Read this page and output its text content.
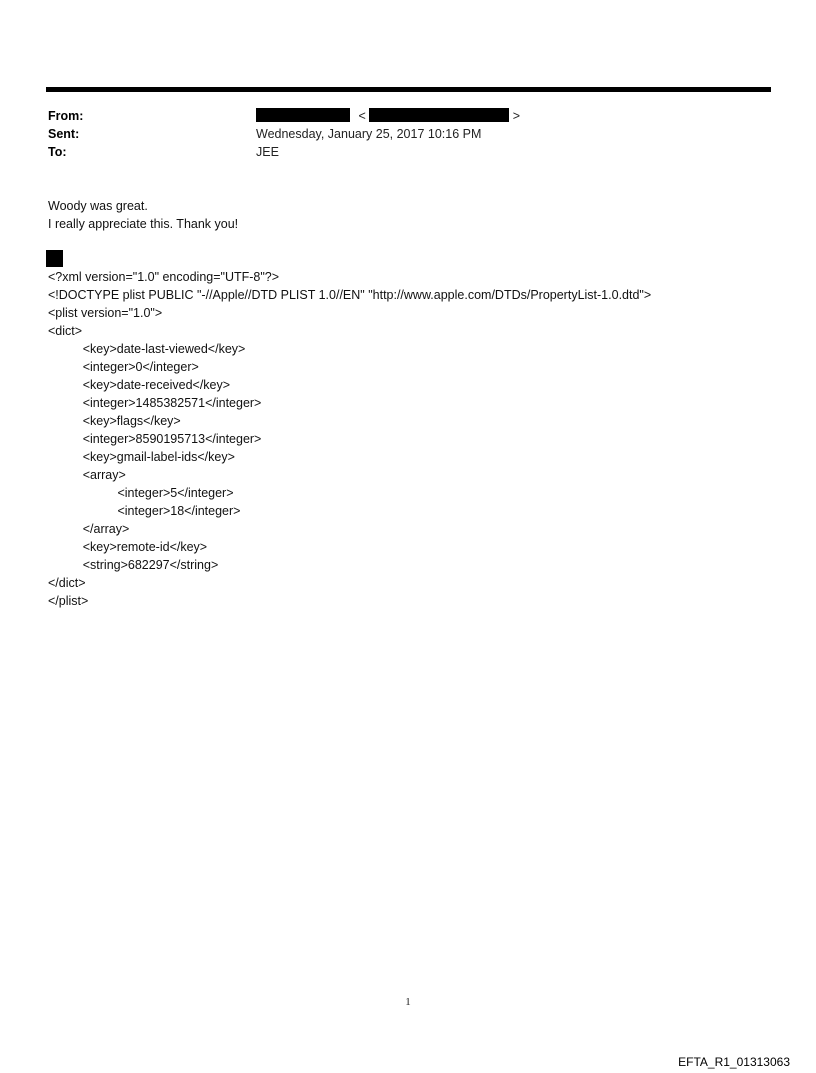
From:	<	>
Sent:	Wednesday, January 25, 2017 10:16 PM
To:	JEE
Woody was great.
I really appreciate this. Thank you!
<?xml version="1.0" encoding="UTF-8"?>
<!DOCTYPE plist PUBLIC "-//Apple//DTD PLIST 1.0//EN" "http://www.apple.com/DTDs/PropertyList-1.0.dtd">
<plist version="1.0">
<dict>
<key>date-last-viewed</key>
<integer>0</integer>
<key>date-received</key>
<integer>1485382571</integer>
<key>flags</key>
<integer>8590195713</integer>
<key>gmail-label-ids</key>
<array>
<integer>5</integer>
<integer>18</integer>
</array>
<key>remote-id</key>
<string>682297</string>
</dict>
</plist>
1
EFTA_R1_01313063
